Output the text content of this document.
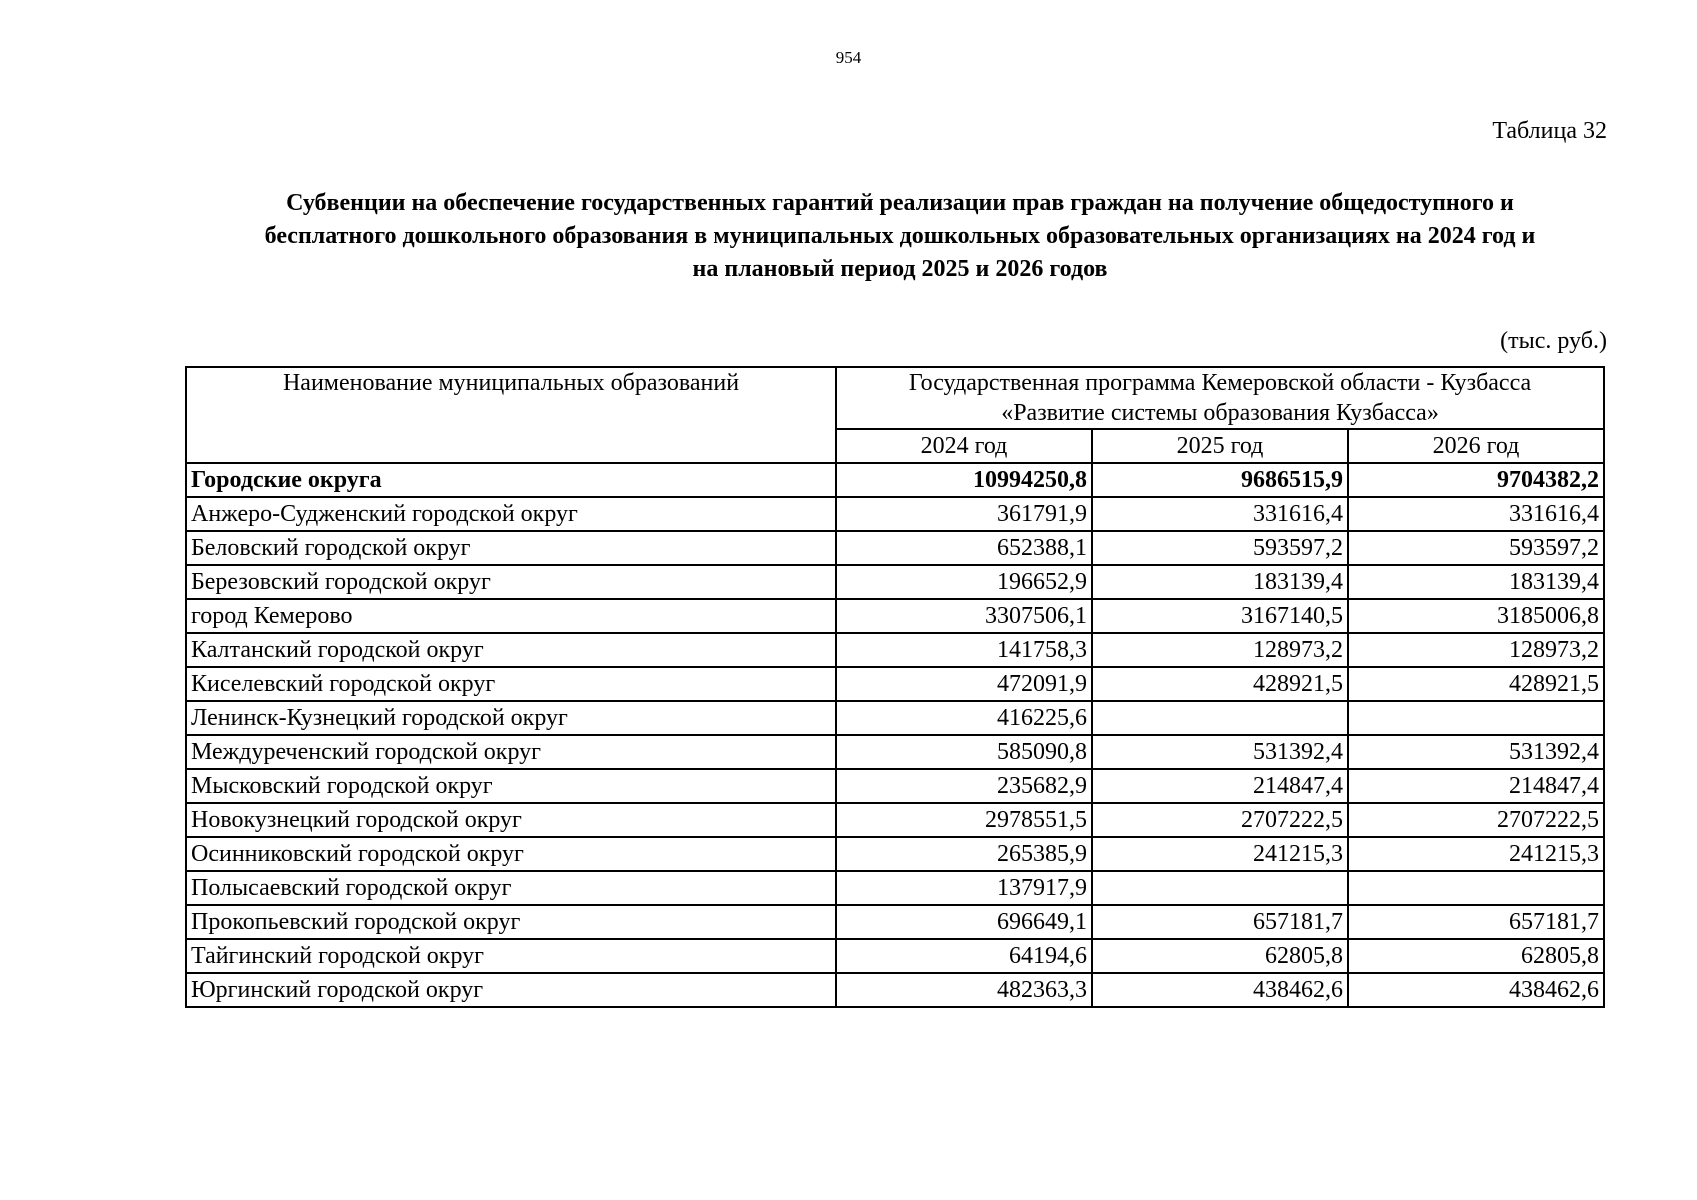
954
Таблица 32
Субвенции на обеспечение государственных гарантий реализации прав граждан на получение общедоступного и
бесплатного дошкольного образования в муниципальных дошкольных образовательных организациях на 2024 год и
на плановый период 2025 и 2026 годов
(тыс. руб.)
Наименование муниципальных образований	Государственная программа Кемеровской области - Кузбасса
«Развитие системы образования Кузбасса»		
	2024 год	2025 год	2026 год
Городские округа	10994250,8	9686515,9	9704382,2
Анжеро-Судженский городской округ	361791,9	331616,4	331616,4
Беловский городской округ	652388,1	593597,2	593597,2
Березовский городской округ	196652,9	183139,4	183139,4
город Кемерово	3307506,1	3167140,5	3185006,8
Калтанский городской округ	141758,3	128973,2	128973,2
Киселевский городской округ	472091,9	428921,5	428921,5
Ленинск-Кузнецкий городской округ	416225,6		
Междуреченский городской округ	585090,8	531392,4	531392,4
Мысковский городской округ	235682,9	214847,4	214847,4
Новокузнецкий городской округ	2978551,5	2707222,5	2707222,5
Осинниковский городской округ	265385,9	241215,3	241215,3
Полысаевский городской округ	137917,9		
Прокопьевский городской округ	696649,1	657181,7	657181,7
Тайгинский городской округ	64194,6	62805,8	62805,8
Юргинский городской округ	482363,3	438462,6	438462,6
